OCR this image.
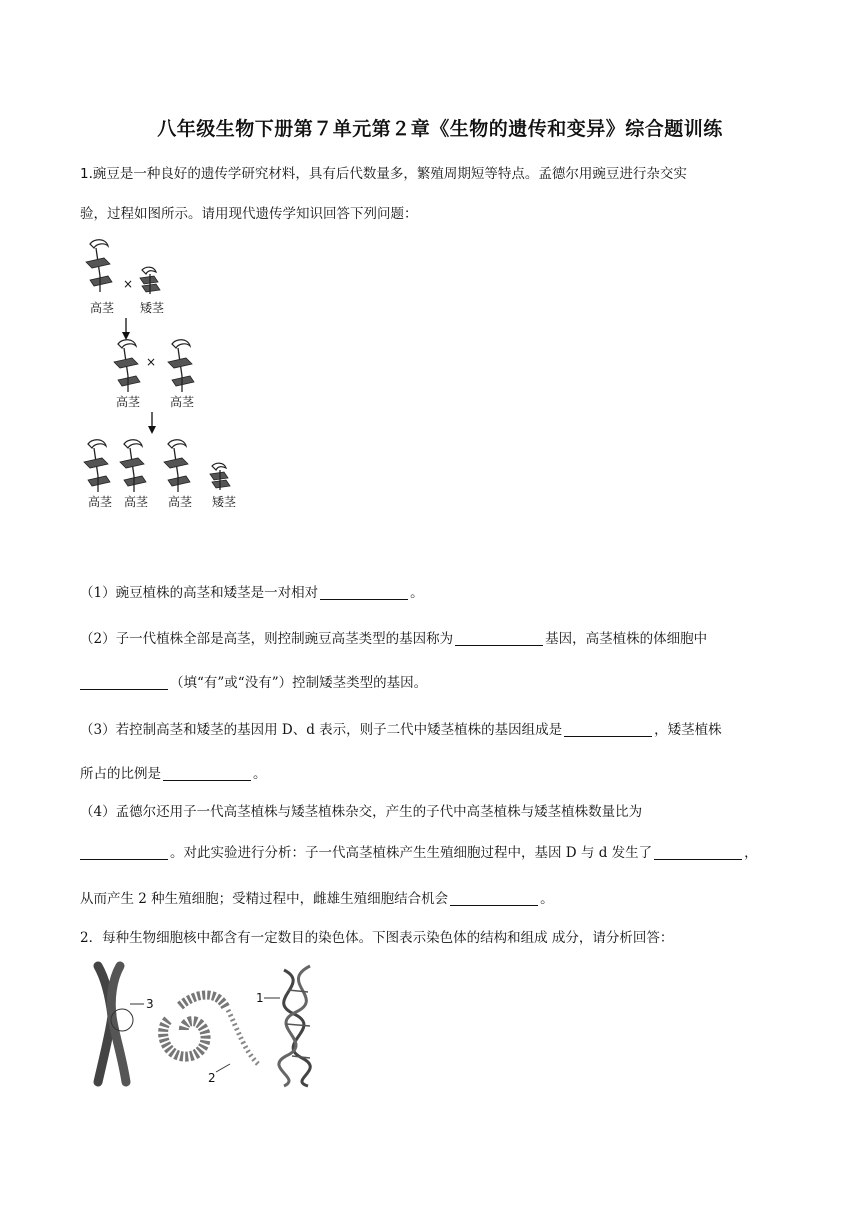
八年级生物下册第７单元第２章《生物的遗传和变异》综合题训练
1.豌豆是一种良好的遗传学研究材料，具有后代数量多，繁殖周期短等特点。孟德尔用豌豆进行杂交实
验，过程如图所示。请用现代遗传学知识回答下列问题：
×
高茎 矮茎
×
高茎 高茎
高茎 高茎 高茎 矮茎
（1）豌豆植株的高茎和矮茎是一对相对	。
（2）子一代植株全部是高茎，则控制豌豆高茎类型的基因称为	基因，高茎植株的体细胞中
（填“有”或“没有”）控制矮茎类型的基因。
（3）若控制高茎和矮茎的基因用 D、d 表示，则子二代中矮茎植株的基因组成是	，矮茎植株
所占的比例是	。
（4）孟德尔还用子一代高茎植株与矮茎植株杂交，产生的子代中高茎植株与矮茎植株数量比为
。对此实验进行分析：子一代高茎植株产生生殖细胞过程中，基因 D 与 d 发生了	，
从而产生 2 种生殖细胞；受精过程中，雌雄生殖细胞结合机会	。
2．每种生物细胞核中都含有一定数目的染色体。下图表示染色体的结构和组成 成分，请分析回答：
3
2
1
